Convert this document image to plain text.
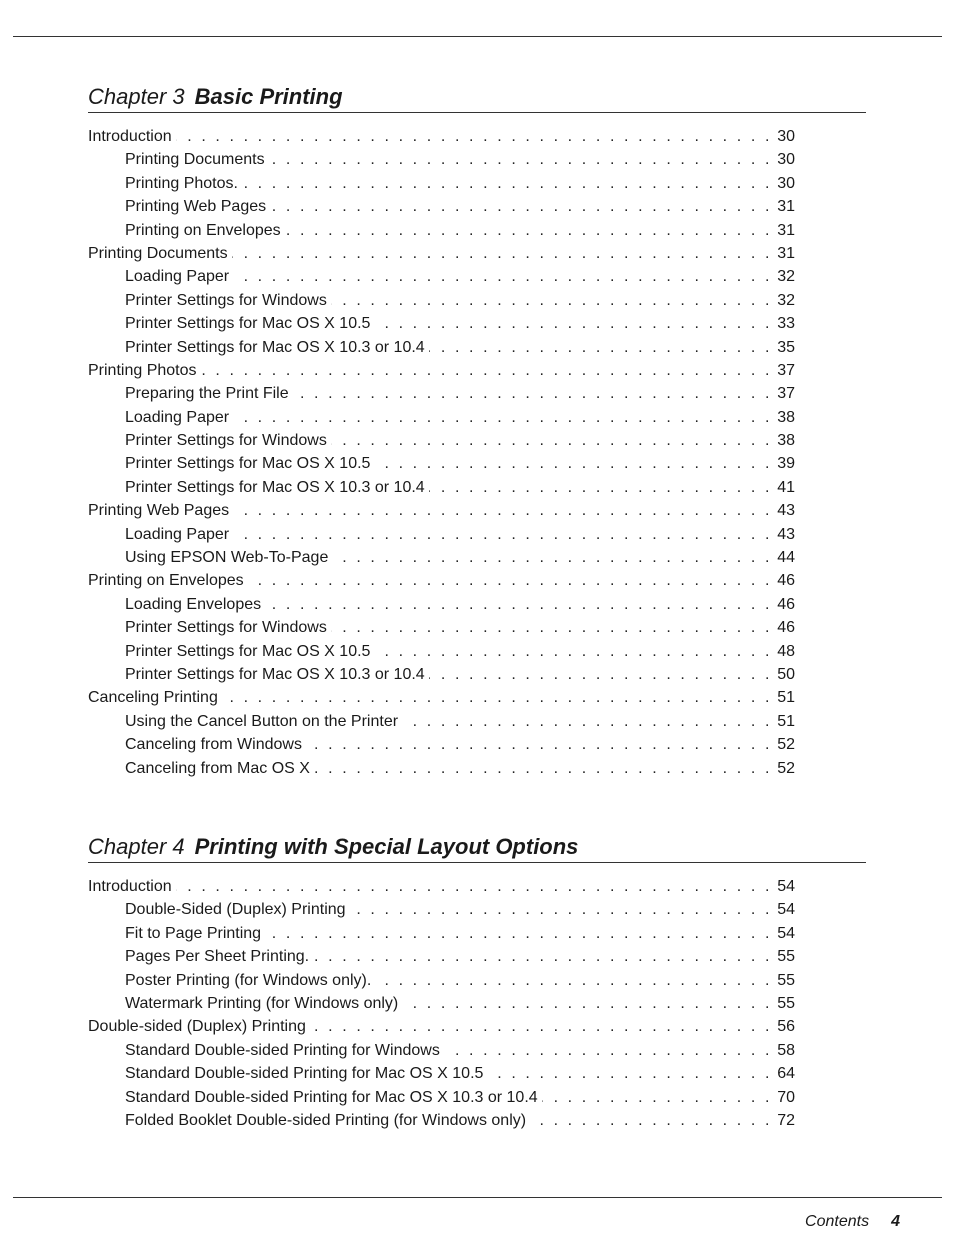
Chapter 3 Basic Printing
Introduction . . .	30
Printing Documents . . .	30
Printing Photos. . . .	30
Printing Web Pages . . .	31
Printing on Envelopes . . .	31
Printing Documents . . .	31
Loading Paper . . .	32
Printer Settings for Windows . . .	32
Printer Settings for Mac OS X 10.5 . . .	33
Printer Settings for Mac OS X 10.3 or 10.4 . . .	35
Printing Photos . . .	37
Preparing the Print File . . .	37
Loading Paper . . .	38
Printer Settings for Windows . . .	38
Printer Settings for Mac OS X 10.5 . . .	39
Printer Settings for Mac OS X 10.3 or 10.4 . . .	41
Printing Web Pages . . .	43
Loading Paper . . .	43
Using EPSON Web-To-Page . . .	44
Printing on Envelopes . . .	46
Loading Envelopes . . .	46
Printer Settings for Windows . . .	46
Printer Settings for Mac OS X 10.5 . . .	48
Printer Settings for Mac OS X 10.3 or 10.4 . . .	50
Canceling Printing . . .	51
Using the Cancel Button on the Printer . . .	51
Canceling from Windows . . .	52
Canceling from Mac OS X . . .	52
Chapter 4 Printing with Special Layout Options
Introduction . . .	54
Double-Sided (Duplex) Printing . . .	54
Fit to Page Printing . . .	54
Pages Per Sheet Printing. . . .	55
Poster Printing (for Windows only). . . .	55
Watermark Printing (for Windows only) . . .	55
Double-sided (Duplex) Printing . . .	56
Standard Double-sided Printing for Windows . . .	58
Standard Double-sided Printing for Mac OS X 10.5 . . .	64
Standard Double-sided Printing for Mac OS X 10.3 or 10.4 . . .	70
Folded Booklet Double-sided Printing (for Windows only) . . .	72
Contents 4
